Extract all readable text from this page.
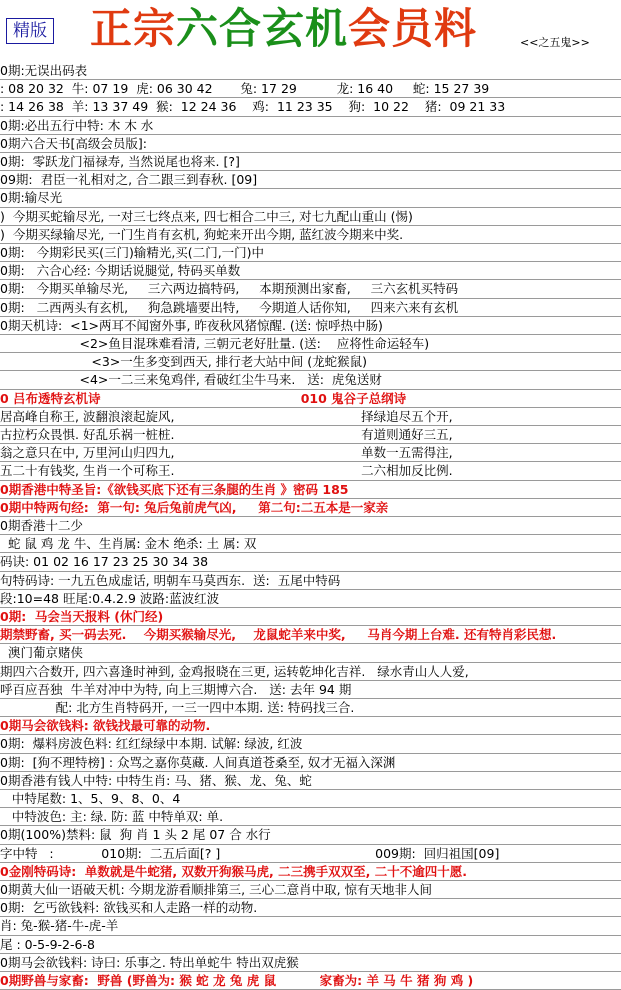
精版 正宗六合玄机会员料	<<之五鬼>>
0期:无误出码表
: 08 20 32  牛: 07 19  虎: 06 30 42       兔: 17 29          龙: 16 40     蛇: 15 27 39
: 14 26 38  羊: 13 37 49  猴:  12 24 36    鸡:  11 23 35    狗:  10 22    猪:  09 21 33
0期:必出五行中特: 木 木 水
0期六合天书[高级会员版]:
0期:  零跃龙门福禄寿, 当然说尾也将来. [?]
09期:  君臣一礼相对之, 合二跟三到春秋. [09]
0期:输尽光
)  今期买蛇输尽光, 一对三七终点来, 四七相合二中三, 对七九配山重山 (惕)
)  今期买绿输尽光, 一门生肖有玄机, 狗蛇来开出今期, 蓝红波今期来中奖.
0期:   今期彩民买(三门)输精光,买(二门,一门)中
0期:   六合心经: 今期话说腿觉, 特码买单数
0期:   今期买单输尽光,     三六两边搞特码,     本期预测出家畜,     三六玄机买特码
0期:   二西两头有玄机,     狗急跳墙要出特,     今期道人话你知,     四来六来有玄机
0期天机诗:  <1>两耳不闻窗外事, 昨夜秋风猪惊醒. (送: 惊呼热中肠)
<2>鱼目混珠难看清, 三朝元老好肚量. (送:    应将性命运轻车)
<3>一生多变到西天, 排行老大站中间 (龙蛇猴鼠)
<4>一二三来兔鸡伴, 看破红尘牛马来.   送:  虎兔送财
0 吕布透特玄机诗                                              010 鬼谷子总纲诗
居高峰自称王, 波翻浪滚起旋风,                                               择绿追尽五个开,
古拉朽众畏惧. 好乱乐祸一桩桩.                                               有道则通好三五,
翁之意只在中, 万里河山归四九,                                               单数一五需得注,
五二十有钱奖, 生肖一个可称王.                                               二六相加反比例.
0期香港中特圣旨:《欲钱买底下还有三条腿的生肖 》密码 185
0期中特两句经:  第一句: 兔后兔前虎气凶,     第二句:二五本是一家亲
0期香港十二少
蛇 鼠 鸡 龙 牛、生肖属: 金木 绝杀: 土 属: 双
码诀: 01 02 16 17 23 25 30 34 38
句特码诗: 一九五色成虚话, 明朝车马莫西东.  送:  五尾中特码
段:10=48 旺尾:0.4.2.9 波路:蓝波红波
0期:  马会当天报料 (休门经)
期禁野畜, 买一码去死.    今期买猴输尽光,    龙鼠蛇羊来中奖,     马肖今期上台难. 还有特肖彩民想.
澳门葡京赌侠
期四六合数开, 四六喜逢时神到, 金鸡报晓在三更, 运转乾坤化吉祥.   绿水青山人人爱,
呼百应吾独  牛羊对冲中为特, 向上三期博六合.   送: 去年 94 期
配: 北方生肖特码开, 一三一四中本期. 送: 特码找三合.
0期马会欲钱料: 欲钱找最可靠的动物.
0期:  爆料房波色料: 红红绿绿中本期. 试解: 绿波, 红波
0期:  [狗不理特榜] : 众骂之嘉你莫藏. 人间真道苍桑至, 奴才无福入深渊
0期香港有钱人中特: 中特生肖: 马、猪、猴、龙、兔、蛇
中特尾数: 1、5、9、8、0、4
中特波色: 主: 绿. 防: 蓝 中特单双: 单.
0期(100%)禁料: 鼠  狗 肖 1 头 2 尾 07 合 水行
字中特   :            010期:  二五后面[? ]                                       009期:  回归祖国[09]
0金刚特码诗:  单数就是牛蛇猪, 双数开狗猴马虎, 二三携手双双至, 二十不逾四十愿.
0期黄大仙一语破天机: 今期龙游看顺排第三, 三心二意肖中取, 惊有天地非人间
0期:  乞丐欲钱料: 欲钱买和人走路一样的动物.
肖: 兔-猴-猪-牛-虎-羊
尾 : 0-5-9-2-6-8
0期马会欲钱料: 诗曰: 乐事之. 特出单蛇牛 特出双虎猴
0期野兽与家畜:  野兽 (野兽为: 猴 蛇 龙 兔 虎 鼠          家畜为: 羊 马 牛 猪 狗 鸡 )
